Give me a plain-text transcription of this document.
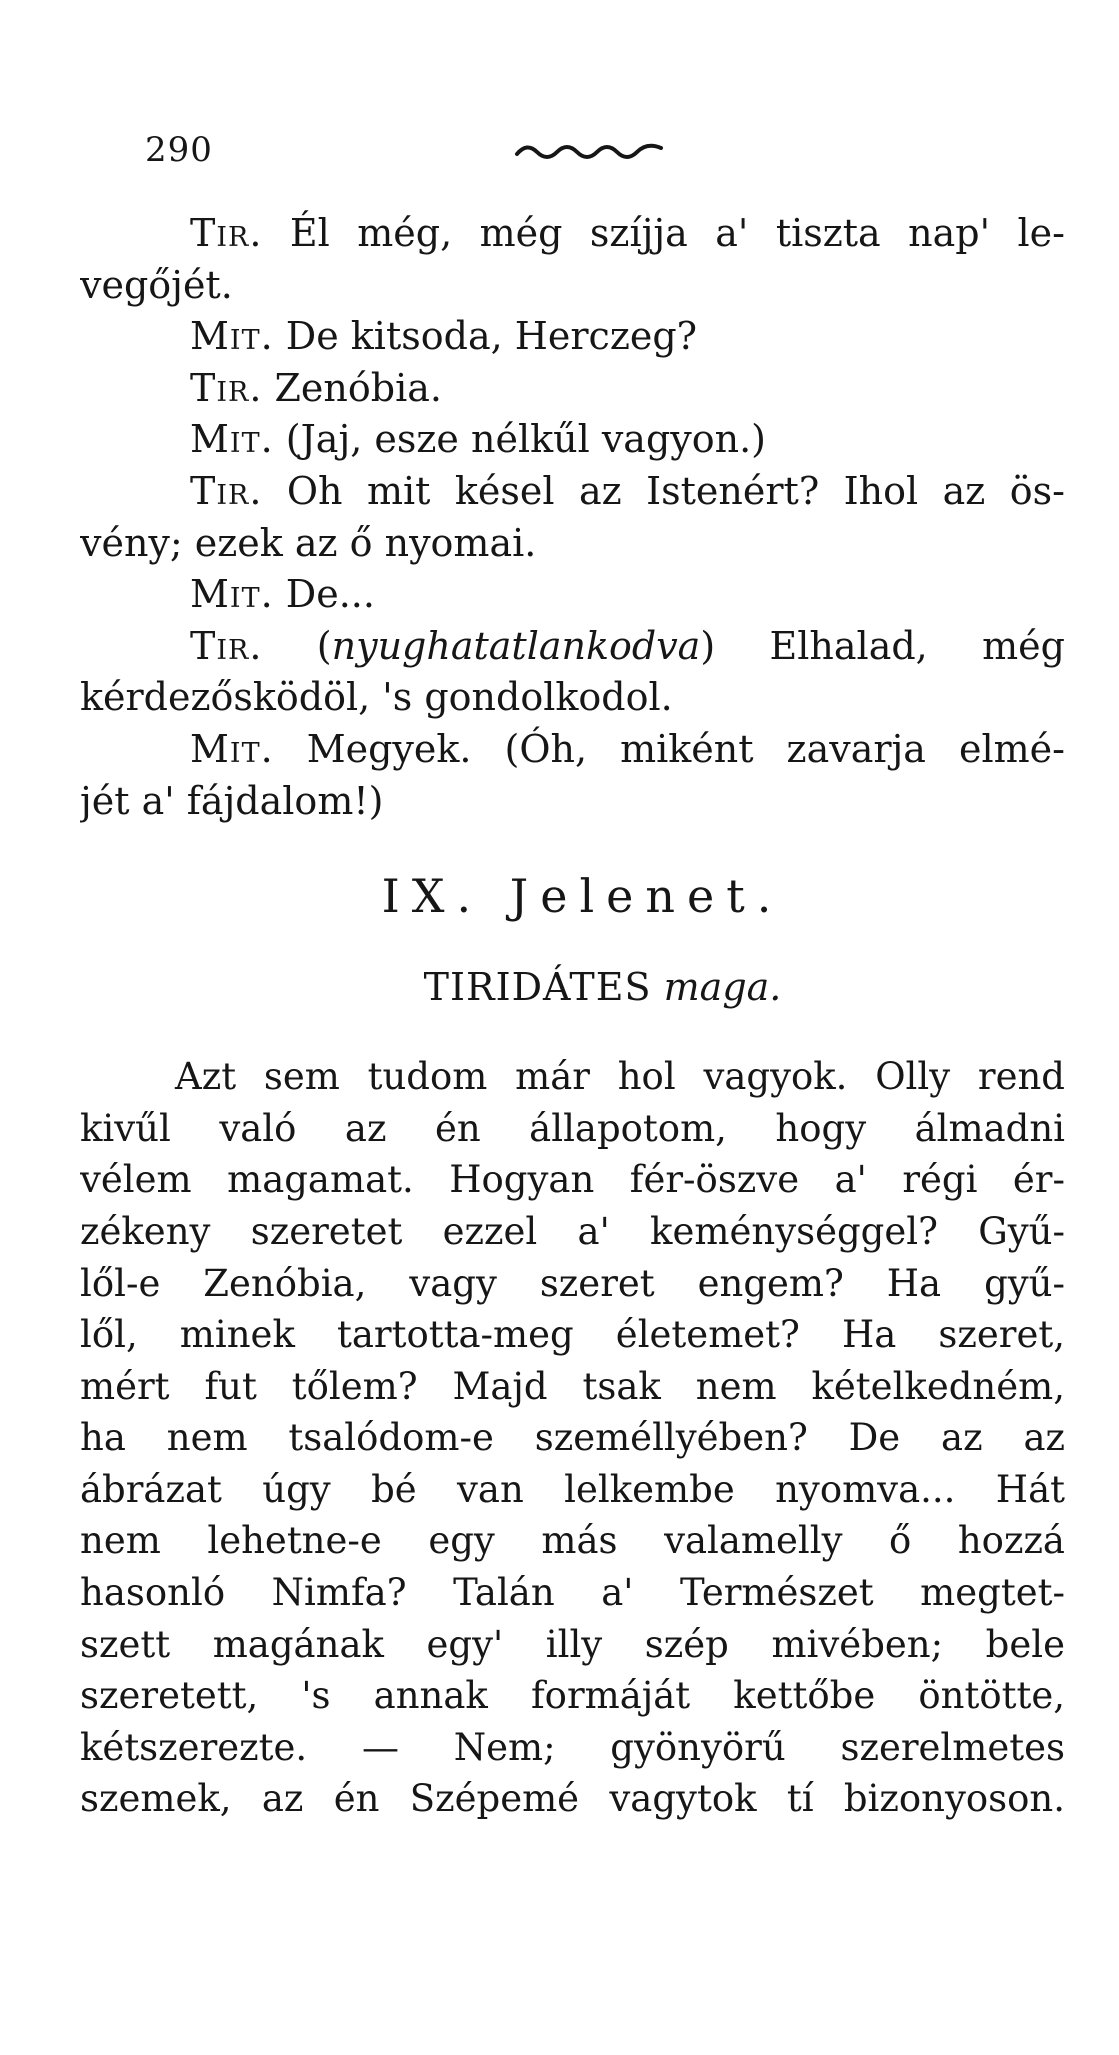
290
Tir. Él még, még szíjja a' tiszta nap' le-
vegőjét.
Mit. De kitsoda, Herczeg?
Tir. Zenóbia.
Mit. (Jaj, esze nélkűl vagyon.)
Tir. Oh mit késel az Istenért? Ihol az ös-
vény; ezek az ő nyomai.
Mit. De...
Tir. (nyughatatlankodva) Elhalad, még
kérdezősködöl, 's gondolkodol.
Mit. Megyek. (Óh, miként zavarja elmé-
jét a' fájdalom!)
IX. Jelenet.
TIRIDÁTES maga.
Azt sem tudom már hol vagyok. Olly rend
kivűl való az én állapotom, hogy álmadni
vélem magamat. Hogyan fér-öszve a' régi ér-
zékeny szeretet ezzel a' keménységgel? Gyű-
lől-e Zenóbia, vagy szeret engem? Ha gyű-
lől, minek tartotta-meg életemet? Ha szeret,
mért fut tőlem? Majd tsak nem kételkedném,
ha nem tsalódom-e személlyében? De az az
ábrázat úgy bé van lelkembe nyomva... Hát
nem lehetne-e egy más valamelly ő hozzá
hasonló Nimfa? Talán a' Természet megtet-
szett magának egy' illy szép mivében; bele
szeretett, 's annak formáját kettőbe öntötte,
kétszerezte. — Nem; gyönyörű szerelmetes
szemek, az én Szépemé vagytok tí bizonyoson.
